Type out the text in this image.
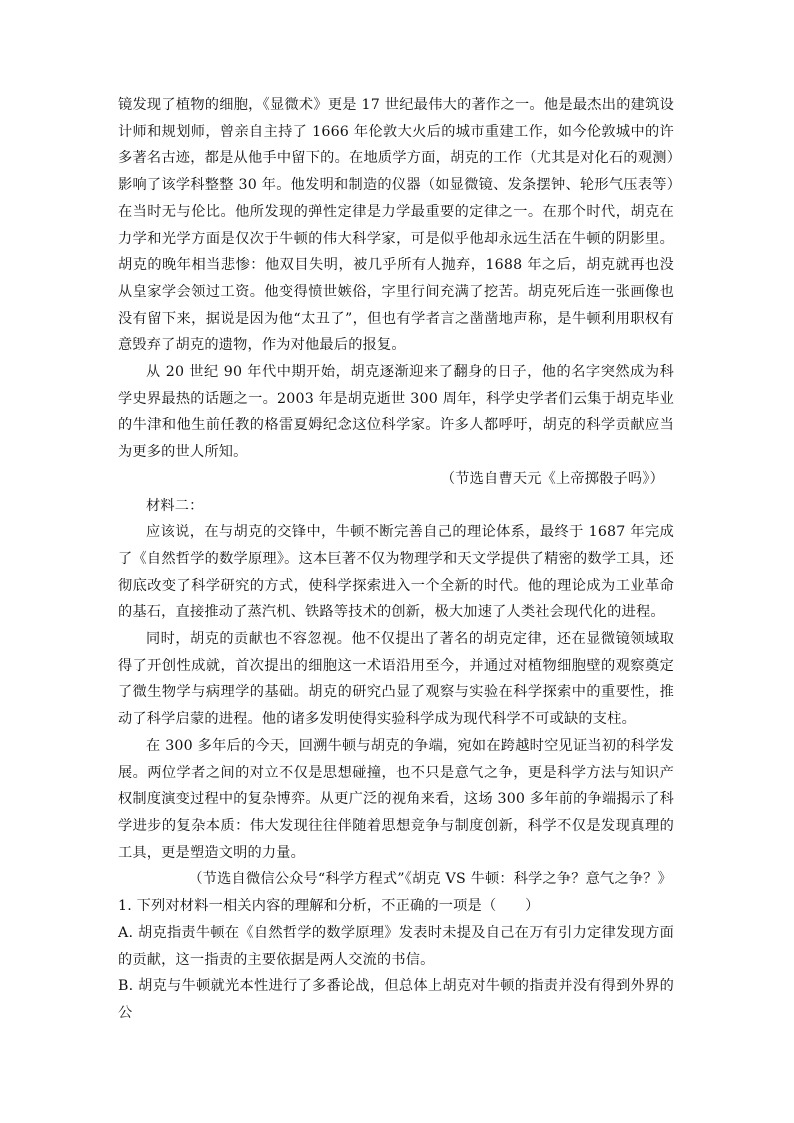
镜发现了植物的细胞，《显微术》更是 17 世纪最伟大的著作之一。他是最杰出的建筑设计师和规划师，曾亲自主持了 1666 年伦敦大火后的城市重建工作，如今伦敦城中的许多著名古迹，都是从他手中留下的。在地质学方面，胡克的工作（尤其是对化石的观测）影响了该学科整整 30 年。他发明和制造的仪器（如显微镜、发条摆钟、轮形气压表等）在当时无与伦比。他所发现的弹性定律是力学最重要的定律之一。在那个时代，胡克在力学和光学方面是仅次于牛顿的伟大科学家，可是似乎他却永远生活在牛顿的阴影里。胡克的晚年相当悲惨：他双目失明，被几乎所有人抛弃，1688 年之后，胡克就再也没从皇家学会领过工资。他变得愤世嫉俗，字里行间充满了挖苦。胡克死后连一张画像也没有留下来，据说是因为他“太丑了”，但也有学者言之凿凿地声称，是牛顿利用职权有意毁弃了胡克的遗物，作为对他最后的报复。

从 20 世纪 90 年代中期开始，胡克逐渐迎来了翻身的日子，他的名字突然成为科学史界最热的话题之一。2003 年是胡克逝世 300 周年，科学史学者们云集于胡克毕业的牛津和他生前任教的格雷夏姆纪念这位科学家。许多人都呼吁，胡克的科学贡献应当为更多的世人所知。

（节选自曹天元《上帝掷骰子吗》）

材料二：

应该说，在与胡克的交锋中，牛顿不断完善自己的理论体系，最终于 1687 年完成了《自然哲学的数学原理》。这本巨著不仅为物理学和天文学提供了精密的数学工具，还彻底改变了科学研究的方式，使科学探索进入一个全新的时代。他的理论成为工业革命的基石，直接推动了蒸汽机、铁路等技术的创新，极大加速了人类社会现代化的进程。

同时，胡克的贡献也不容忽视。他不仅提出了著名的胡克定律，还在显微镜领域取得了开创性成就，首次提出的细胞这一术语沿用至今，并通过对植物细胞壁的观察奠定了微生物学与病理学的基础。胡克的研究凸显了观察与实验在科学探索中的重要性，推动了科学启蒙的进程。他的诸多发明使得实验科学成为现代科学不可或缺的支柱。

在 300 多年后的今天，回溯牛顿与胡克的争端，宛如在跨越时空见证当初的科学发展。两位学者之间的对立不仅是思想碰撞，也不只是意气之争，更是科学方法与知识产权制度演变过程中的复杂博弈。从更广泛的视角来看，这场 300 多年前的争端揭示了科学进步的复杂本质：伟大发现往往伴随着思想竞争与制度创新，科学不仅是发现真理的工具，更是塑造文明的力量。

（节选自微信公众号“科学方程式”《胡克 VS 牛顿：科学之争？意气之争？》

1. 下列对材料一相关内容的理解和分析，不正确的一项是（　　）

A. 胡克指责牛顿在《自然哲学的数学原理》发表时未提及自己在万有引力定律发现方面的贡献，这一指责的主要依据是两人交流的书信。

B. 胡克与牛顿就光本性进行了多番论战，但总体上胡克对牛顿的指责并没有得到外界的公
